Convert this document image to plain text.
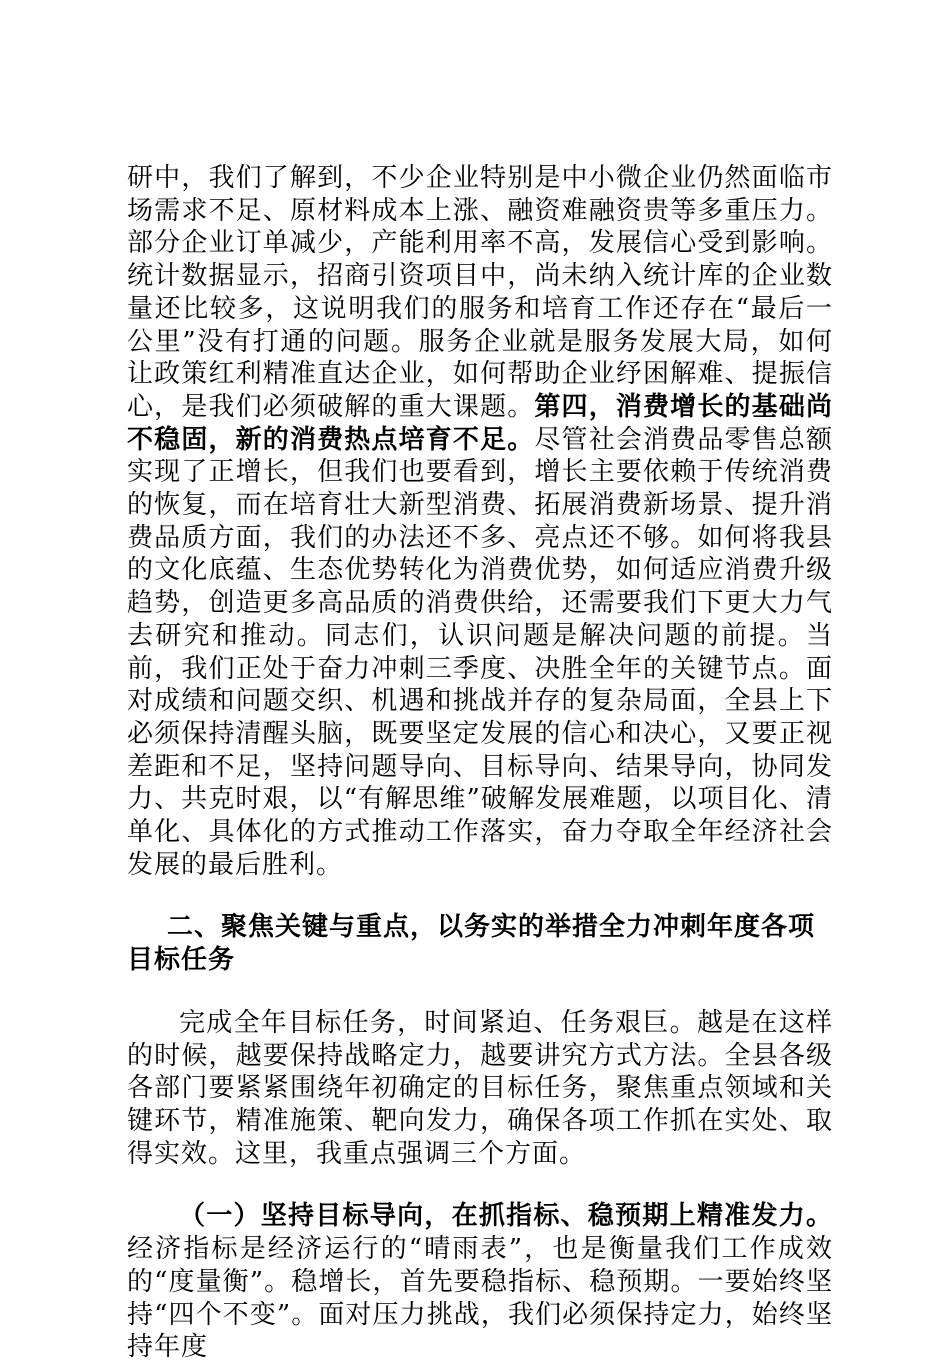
研中，我们了解到，不少企业特别是中小微企业仍然面临市场需求不足、原材料成本上涨、融资难融资贵等多重压力。部分企业订单减少，产能利用率不高，发展信心受到影响。统计数据显示，招商引资项目中，尚未纳入统计库的企业数量还比较多，这说明我们的服务和培育工作还存在“最后一公里”没有打通的问题。服务企业就是服务发展大局，如何让政策红利精准直达企业，如何帮助企业纾困解难、提振信心，是我们必须破解的重大课题。第四，消费增长的基础尚不稳固，新的消费热点培育不足。尽管社会消费品零售总额实现了正增长，但我们也要看到，增长主要依赖于传统消费的恢复，而在培育壮大新型消费、拓展消费新场景、提升消费品质方面，我们的办法还不多、亮点还不够。如何将我县的文化底蕴、生态优势转化为消费优势，如何适应消费升级趋势，创造更多高品质的消费供给，还需要我们下更大力气去研究和推动。同志们，认识问题是解决问题的前提。当前，我们正处于奋力冲刺三季度、决胜全年的关键节点。面对成绩和问题交织、机遇和挑战并存的复杂局面，全县上下必须保持清醒头脑，既要坚定发展的信心和决心，又要正视差距和不足，坚持问题导向、目标导向、结果导向，协同发力、共克时艰，以“有解思维”破解发展难题，以项目化、清单化、具体化的方式推动工作落实，奋力夺取全年经济社会发展的最后胜利。

二、聚焦关键与重点，以务实的举措全力冲刺年度各项目标任务

完成全年目标任务，时间紧迫、任务艰巨。越是在这样的时候，越要保持战略定力，越要讲究方式方法。全县各级各部门要紧紧围绕年初确定的目标任务，聚焦重点领域和关键环节，精准施策、靶向发力，确保各项工作抓在实处、取得实效。这里，我重点强调三个方面。

（一）坚持目标导向，在抓指标、稳预期上精准发力。经济指标是经济运行的“晴雨表”，也是衡量我们工作成效的“度量衡”。稳增长，首先要稳指标、稳预期。一要始终坚持“四个不变”。面对压力挑战，我们必须保持定力，始终坚持年度
